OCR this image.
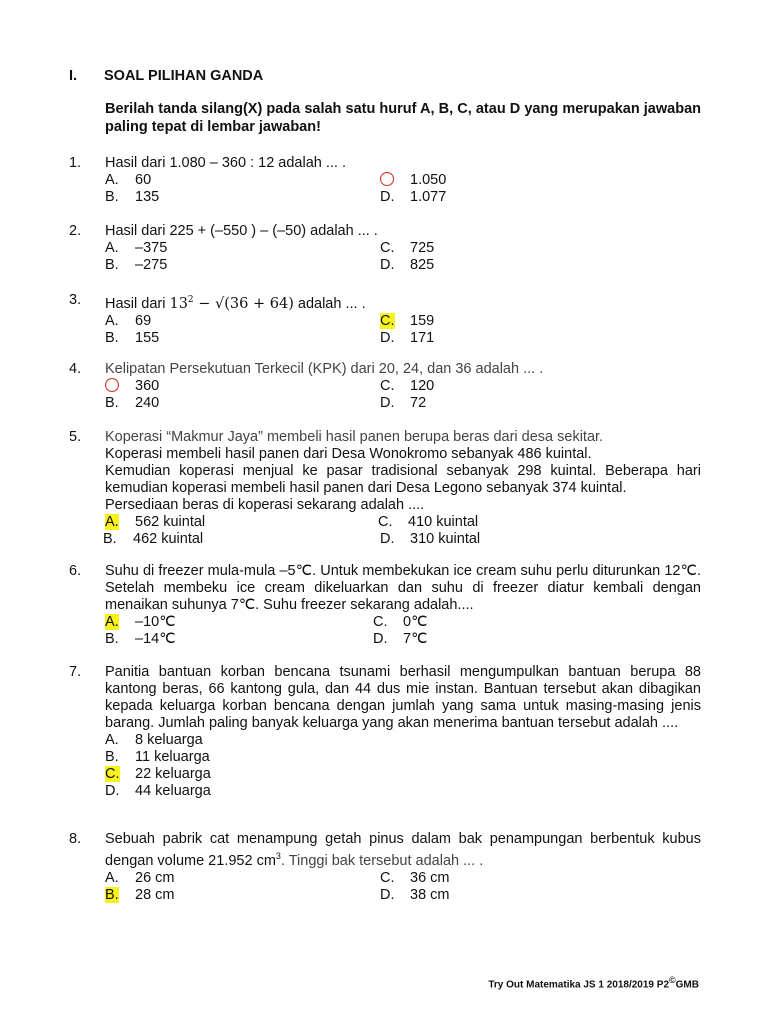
I. SOAL PILIHAN GANDA
Berilah tanda silang(X) pada salah satu huruf A, B, C, atau D yang merupakan jawaban paling tepat di lembar jawaban!
1. Hasil dari 1.080 – 360 : 12 adalah ... .
A. 60
B. 135
1.050
D. 1.077
2. Hasil dari 225 + (–550 ) – (–50) adalah ... .
A. –375
B. –275
C. 725
D. 825
3. Hasil dari $13^2 - √(36 + 64)$ adalah ... .
A. 69
B. 155
C. 159
D. 171
4. Kelipatan Persekutuan Terkecil (KPK) dari 20, 24, dan 36 adalah ... .
360
B. 240
C. 120
D. 72
5. Koperasi “Makmur Jaya” membeli hasil panen berupa beras dari desa sekitar.
Koperasi membeli hasil panen dari Desa Wonokromo sebanyak 486 kuintal.
Kemudian koperasi menjual ke pasar tradisional sebanyak 298 kuintal. Beberapa hari kemudian koperasi membeli hasil panen dari Desa Legono sebanyak 374 kuintal.
Persediaan beras di koperasi sekarang adalah ....
A. 562 kuintal
B. 462 kuintal
C. 410 kuintal
D. 310 kuintal
6. Suhu di freezer mula-mula –5℃. Untuk membekukan ice cream suhu perlu diturunkan 12℃. Setelah membeku ice cream dikeluarkan dan suhu di freezer diatur kembali dengan menaikan suhunya 7℃. Suhu freezer sekarang adalah....
A. –10℃
B. –14℃
C. 0℃
D. 7℃
7. Panitia bantuan korban bencana tsunami berhasil mengumpulkan bantuan berupa 88 kantong beras, 66 kantong gula, dan 44 dus mie instan. Bantuan tersebut akan dibagikan kepada keluarga korban bencana dengan jumlah yang sama untuk masing-masing jenis barang. Jumlah paling banyak keluarga yang akan menerima bantuan tersebut adalah ....
A. 8 keluarga
B. 11 keluarga
C. 22 keluarga
D. 44 keluarga
8. Sebuah pabrik cat menampung getah pinus dalam bak penampungan berbentuk kubus dengan volume 21.952 $cm^3$. Tinggi bak tersebut adalah ... .
A. 26 cm
B. 28 cm
C. 36 cm
D. 38 cm
Try Out Matematika JS 1 2018/2019 P2©GMB
